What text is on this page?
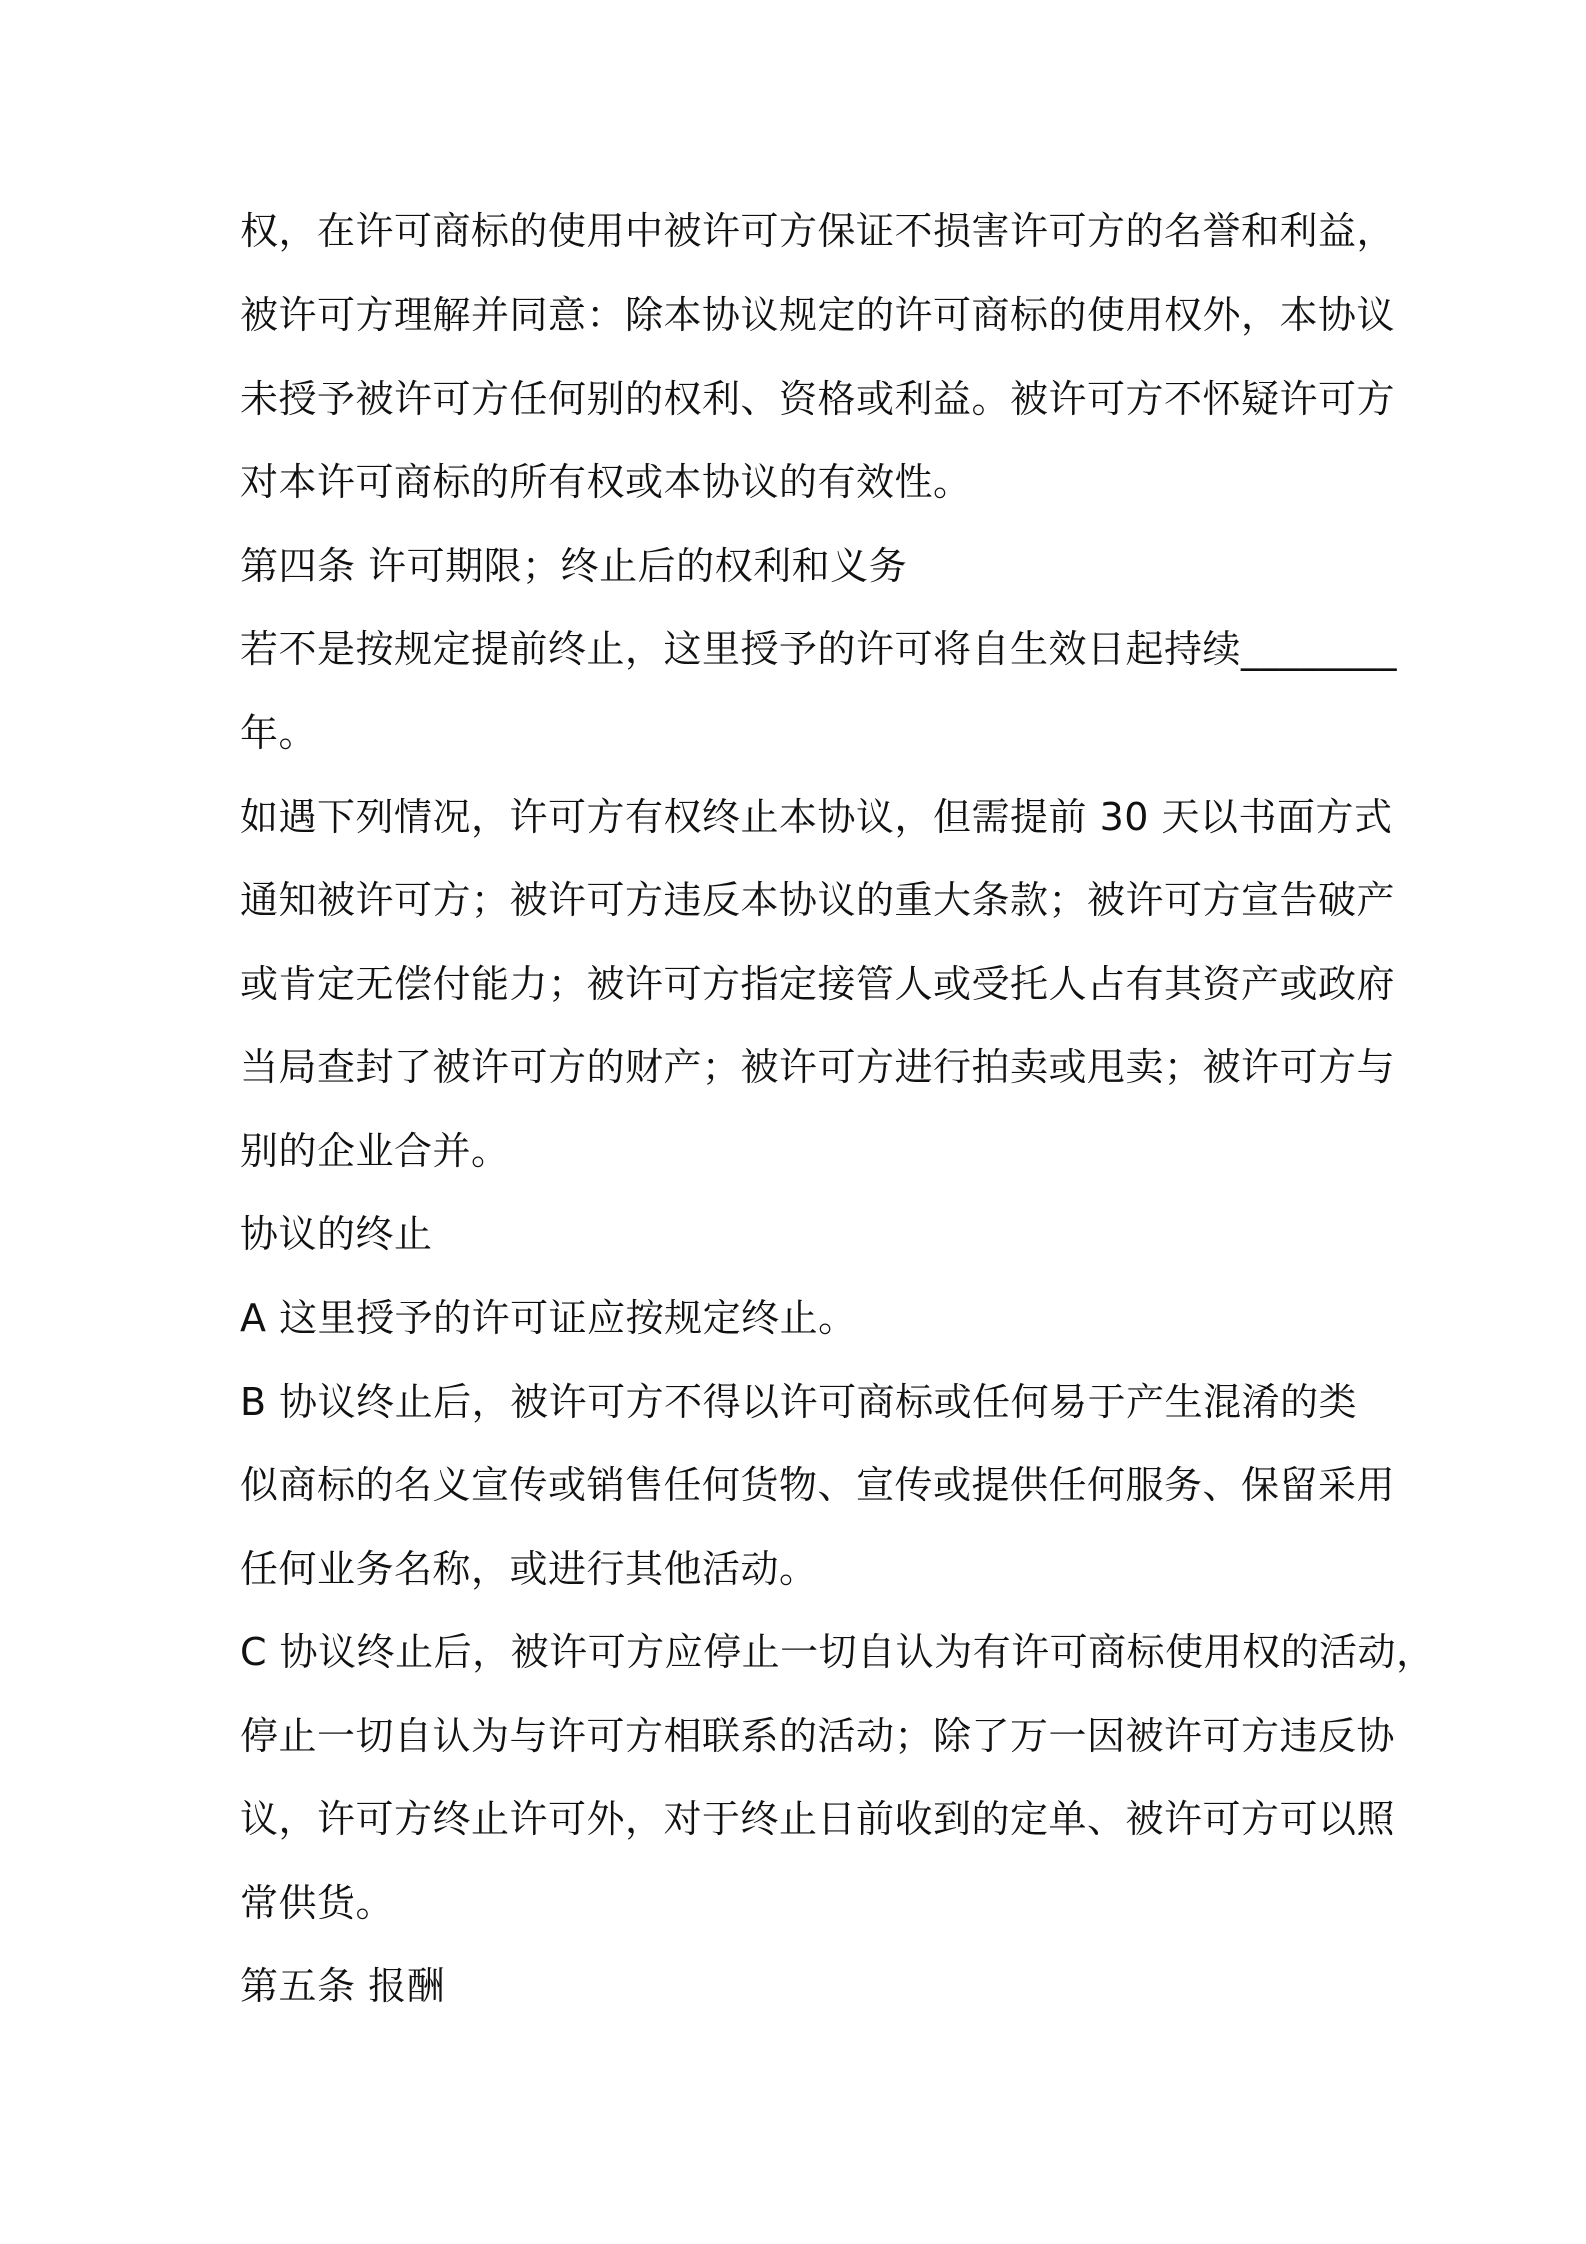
权，在许可商标的使用中被许可方保证不损害许可方的名誉和利益，
被许可方理解并同意：除本协议规定的许可商标的使用权外，本协议
未授予被许可方任何别的权利、资格或利益。被许可方不怀疑许可方
对本许可商标的所有权或本协议的有效性。
第四条 许可期限；终止后的权利和义务
若不是按规定提前终止，这里授予的许可将自生效日起持续________
年。
如遇下列情况，许可方有权终止本协议，但需提前 30 天以书面方式
通知被许可方；被许可方违反本协议的重大条款；被许可方宣告破产
或肯定无偿付能力；被许可方指定接管人或受托人占有其资产或政府
当局查封了被许可方的财产；被许可方进行拍卖或甩卖；被许可方与
别的企业合并。
协议的终止
A 这里授予的许可证应按规定终止。
B 协议终止后，被许可方不得以许可商标或任何易于产生混淆的类
似商标的名义宣传或销售任何货物、宣传或提供任何服务、保留采用
任何业务名称，或进行其他活动。
C 协议终止后，被许可方应停止一切自认为有许可商标使用权的活动，
停止一切自认为与许可方相联系的活动；除了万一因被许可方违反协
议，许可方终止许可外，对于终止日前收到的定单、被许可方可以照
常供货。
第五条 报酬
